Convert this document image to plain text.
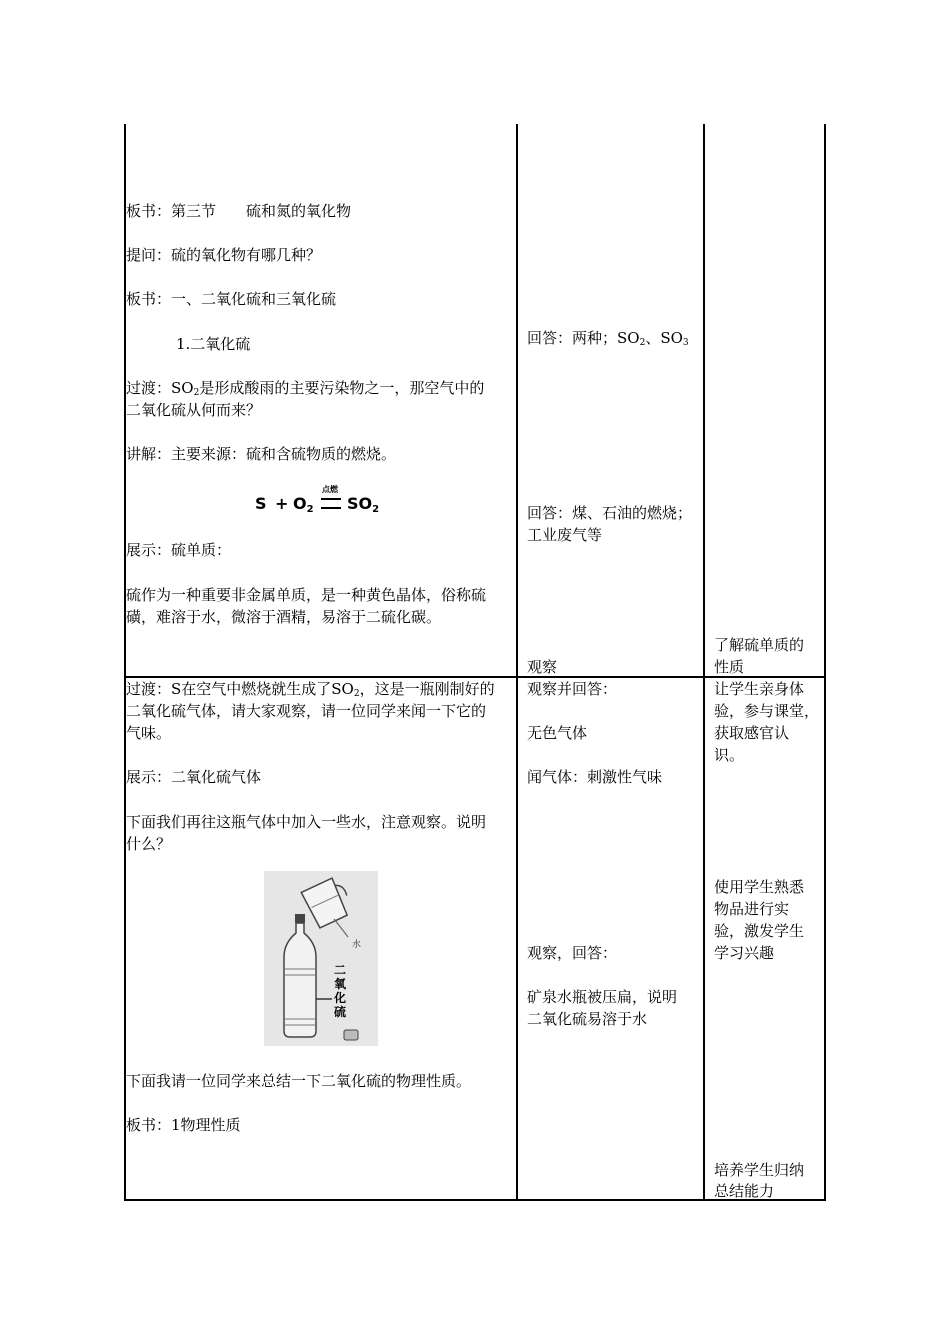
板书：第三节　　硫和氮的氧化物
提问：硫的氧化物有哪几种？
板书：一、二氧化硫和三氧化硫
1.二氧化硫
过渡：$SO_2$是形成酸雨的主要污染物之一，那空气中的
二氧化硫从何而来？
讲解：主要来源：硫和含硫物质的燃烧。
S + O2
点燃
SO2
展示：硫单质：
硫作为一种重要非金属单质，是一种黄色晶体，俗称硫
磺，难溶于水，微溶于酒精，易溶于二硫化碳。
回答：两种；$SO_2$、$SO_3$
回答：煤、石油的燃烧；
工业废气等
观察
了解硫单质的
性质
过渡：S在空气中燃烧就生成了$SO_2$，这是一瓶刚制好的
二氧化硫气体，请大家观察，请一位同学来闻一下它的
气味。
展示：二氧化硫气体
下面我们再往这瓶气体中加入一些水，注意观察。说明
什么？
水
二氧化硫
下面我请一位同学来总结一下二氧化硫的物理性质。
板书：1物理性质
观察并回答：
无色气体
闻气体：刺激性气味
观察，回答：
矿泉水瓶被压扁，说明
二氧化硫易溶于水
让学生亲身体
验，参与课堂，
获取感官认
识。
使用学生熟悉
物品进行实
验，激发学生
学习兴趣
培养学生归纳
总结能力
